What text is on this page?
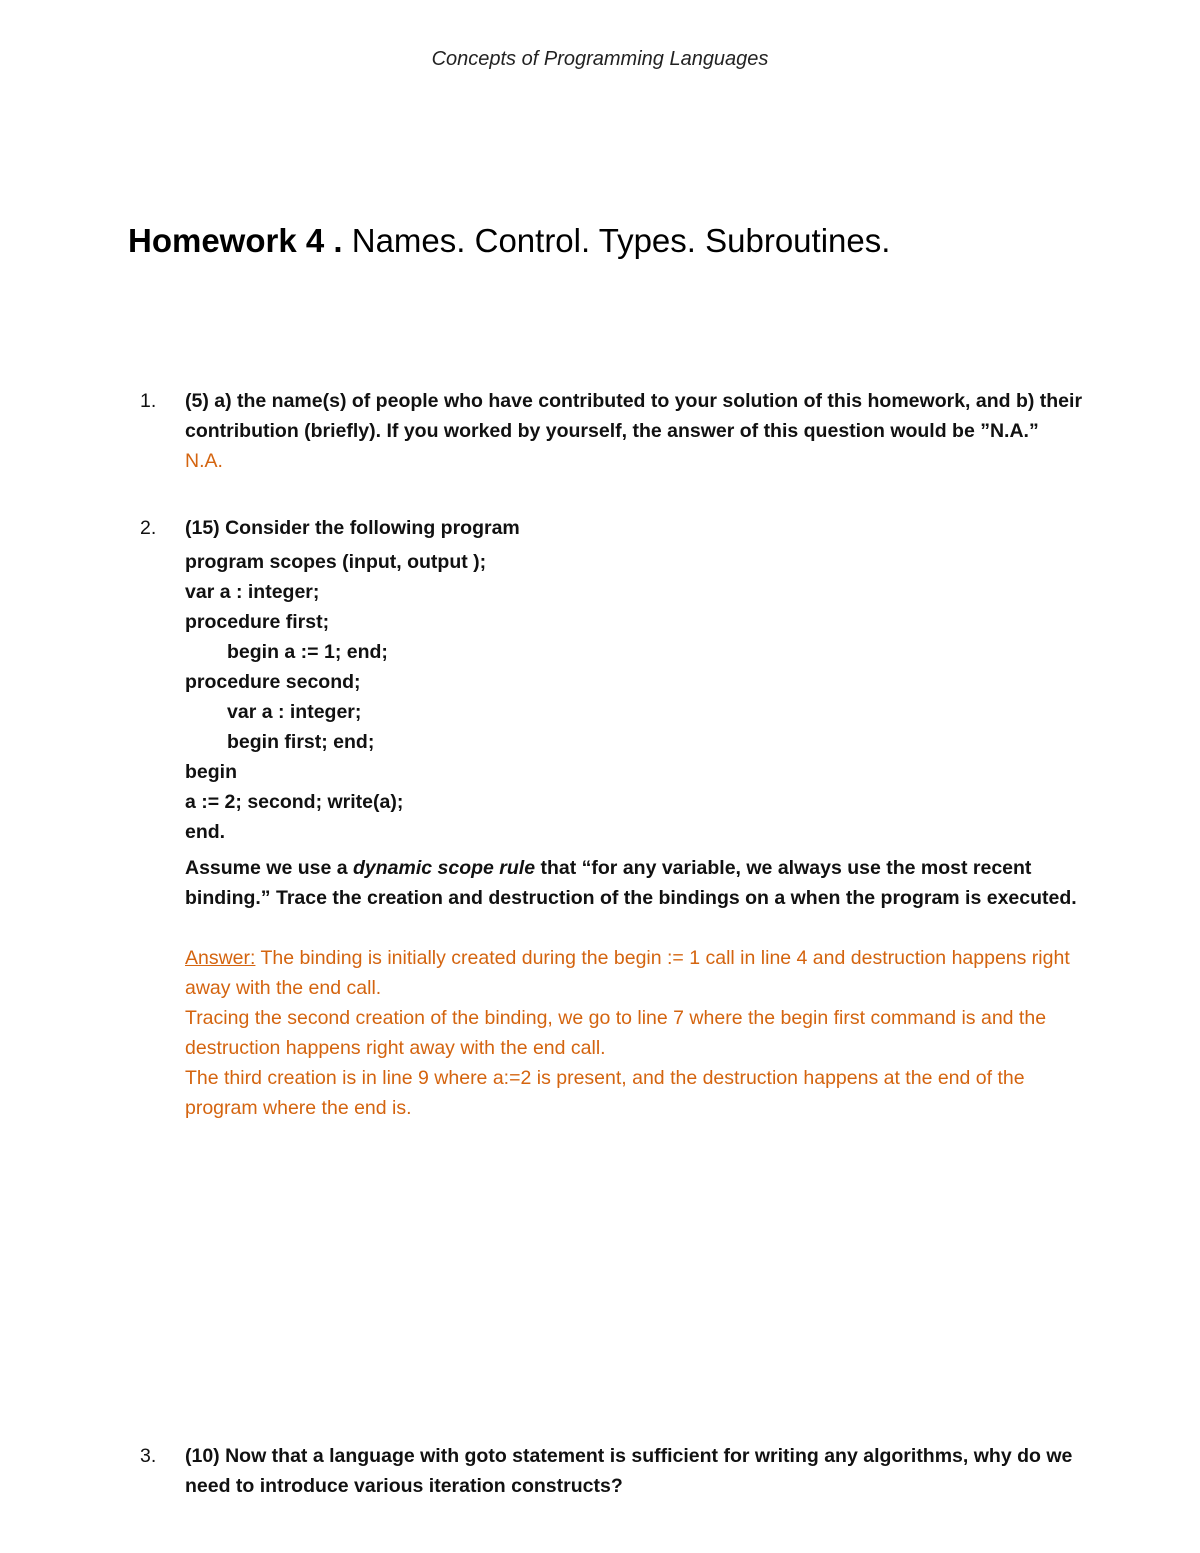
Concepts of Programming Languages
Homework 4 . Names. Control. Types. Subroutines.
1. (5) a) the name(s) of people who have contributed to your solution of this homework, and b) their contribution (briefly). If you worked by yourself, the answer of this question would be ”N.A.”
N.A.
2. (15) Consider the following program
program scopes (input, output );
var a : integer;
procedure first;
begin a := 1; end;
procedure second;
var a : integer;
begin first; end;
begin
a := 2; second; write(a);
end.
Assume we use a dynamic scope rule that “for any variable, we always use the most recent binding.” Trace the creation and destruction of the bindings on a when the program is executed.
Answer: The binding is initially created during the begin := 1 call in line 4 and destruction happens right away with the end call.
Tracing the second creation of the binding, we go to line 7 where the begin first command is and the destruction happens right away with the end call.
The third creation is in line 9 where a:=2 is present, and the destruction happens at the end of the program where the end is.
3. (10) Now that a language with goto statement is sufficient for writing any algorithms, why do we need to introduce various iteration constructs?
